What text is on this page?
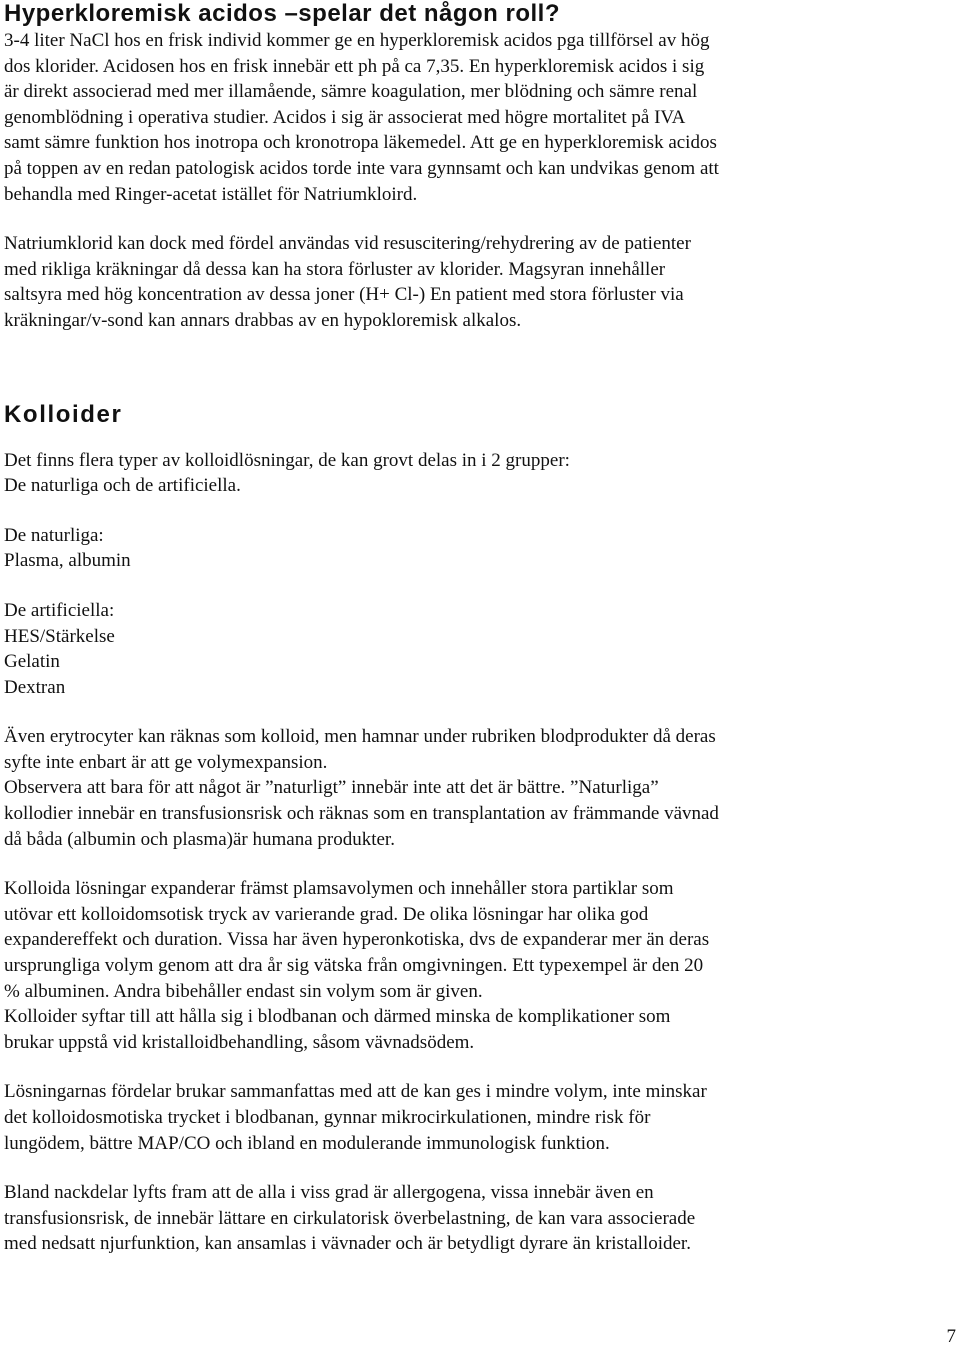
Hyperkloremisk acidos –spelar det någon roll?
3-4 liter NaCl hos en frisk individ kommer ge en hyperkloremisk acidos pga tillförsel av hög
dos klorider. Acidosen hos en frisk innebär ett ph på ca 7,35. En hyperkloremisk acidos i sig
är direkt associerad med mer illamående, sämre koagulation, mer blödning och sämre renal
genomblödning i operativa studier. Acidos i sig är associerat med högre mortalitet på IVA
samt sämre funktion hos inotropa och kronotropa läkemedel. Att ge en hyperkloremisk acidos
på toppen av en redan patologisk acidos torde inte vara gynnsamt och kan undvikas genom att
behandla med Ringer-acetat istället för Natriumkloird.
Natriumklorid kan dock med fördel användas vid resuscitering/rehydrering av de patienter
med rikliga kräkningar då dessa kan ha stora förluster av klorider. Magsyran innehåller
saltsyra med hög koncentration av dessa joner (H+ Cl-) En patient med stora förluster via
kräkningar/v-sond kan annars drabbas av en hypokloremisk alkalos.
Kolloider
Det finns flera typer av kolloidlösningar, de kan grovt delas in i 2 grupper:
De naturliga och de artificiella.
De naturliga:
Plasma, albumin
De artificiella:
HES/Stärkelse
Gelatin
Dextran
Även erytrocyter kan räknas som kolloid, men hamnar under rubriken blodprodukter då deras
syfte inte enbart är att ge volymexpansion.
Observera att bara för att något är ”naturligt” innebär inte att det är bättre. ”Naturliga”
kollodier innebär en transfusionsrisk och räknas som en transplantation av främmande vävnad
då båda (albumin och plasma)är humana produkter.
Kolloida lösningar expanderar främst plamsavolymen och innehåller stora partiklar som
utövar ett kolloidomsotisk tryck av varierande grad. De olika lösningar har olika god
expandereffekt och duration. Vissa har även hyperonkotiska, dvs de expanderar mer än deras
ursprungliga volym genom att dra år sig vätska från omgivningen. Ett typexempel är den 20
% albuminen. Andra bibehåller endast sin volym som är given.
Kolloider syftar till att hålla sig i blodbanan och därmed minska de komplikationer som
brukar uppstå vid kristalloidbehandling, såsom vävnadsödem.
Lösningarnas fördelar brukar sammanfattas med att de kan ges i mindre volym, inte minskar
det kolloidosmotiska trycket i blodbanan, gynnar mikrocirkulationen, mindre risk för
lungödem, bättre MAP/CO och ibland en modulerande immunologisk funktion.
Bland nackdelar lyfts fram att de alla i viss grad är allergogena, vissa innebär även en
transfusionsrisk, de innebär lättare en cirkulatorisk överbelastning, de kan vara associerade
med nedsatt njurfunktion, kan ansamlas i vävnader och är betydligt dyrare än kristalloider.
7
